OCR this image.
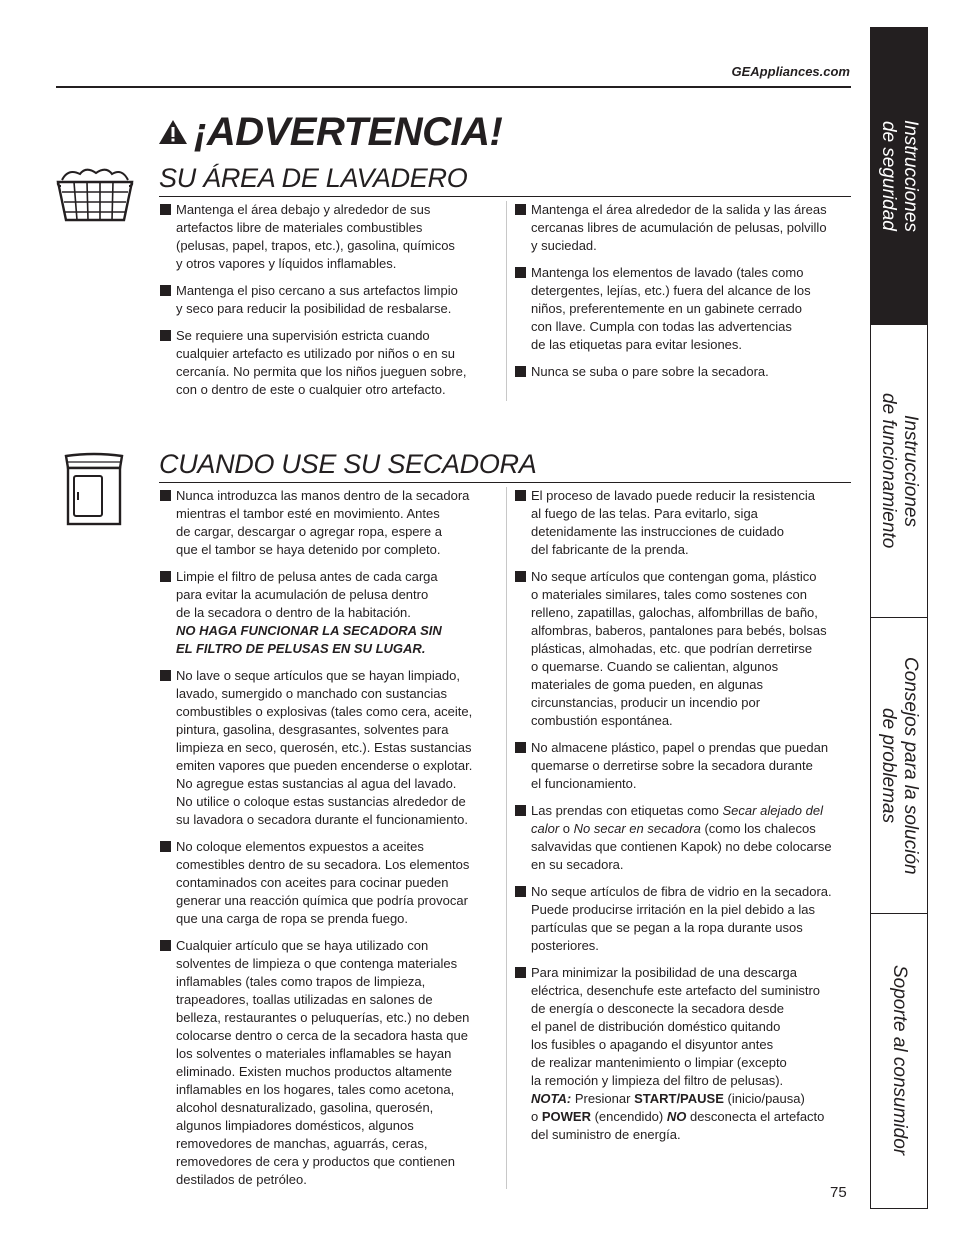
GEAppliances.com
¡ADVERTENCIA!
SU ÁREA DE LAVADERO
Mantenga el área debajo y alrededor de sus
artefactos libre de materiales combustibles
(pelusas, papel, trapos, etc.), gasolina, químicos
y otros vapores y líquidos inflamables.
Mantenga el piso cercano a sus artefactos limpio
y seco para reducir la posibilidad de resbalarse.
Se requiere una supervisión estricta cuando
cualquier artefacto es utilizado por niños o en su
cercanía. No permita que los niños jueguen sobre,
con o dentro de este o cualquier otro artefacto.
Mantenga el área alrededor de la salida y las áreas
cercanas libres de acumulación de pelusas, polvillo
y suciedad.
Mantenga los elementos de lavado (tales como
detergentes, lejías, etc.) fuera del alcance de los
niños, preferentemente en un gabinete cerrado
con llave. Cumpla con todas las advertencias
de las etiquetas para evitar lesiones.
Nunca se suba o pare sobre la secadora.
CUANDO USE SU SECADORA
Nunca introduzca las manos dentro de la secadora
mientras el tambor esté en movimiento. Antes
de cargar, descargar o agregar ropa, espere a
que el tambor se haya detenido por completo.
Limpie el filtro de pelusa antes de cada carga
para evitar la acumulación de pelusa dentro
de la secadora o dentro de la habitación.
NO HAGA FUNCIONAR LA SECADORA SIN
EL FILTRO DE PELUSAS EN SU LUGAR.
No lave o seque artículos que se hayan limpiado,
lavado, sumergido o manchado con sustancias
combustibles o explosivas (tales como cera, aceite,
pintura, gasolina, desgrasantes, solventes para
limpieza en seco, querosén, etc.). Estas sustancias
emiten vapores que pueden encenderse o explotar.
No agregue estas sustancias al agua del lavado.
No utilice o coloque estas sustancias alrededor de
su lavadora o secadora durante el funcionamiento.
No coloque elementos expuestos a aceites
comestibles dentro de su secadora. Los elementos
contaminados con aceites para cocinar pueden
generar una reacción química que podría provocar
que una carga de ropa se prenda fuego.
Cualquier artículo que se haya utilizado con
solventes de limpieza o que contenga materiales
inflamables (tales como trapos de limpieza,
trapeadores, toallas utilizadas en salones de
belleza, restaurantes o peluquerías, etc.) no deben
colocarse dentro o cerca de la secadora hasta que
los solventes o materiales inflamables se hayan
eliminado. Existen muchos productos altamente
inflamables en los hogares, tales como acetona,
alcohol desnaturalizado, gasolina, querosén,
algunos limpiadores domésticos, algunos
removedores de manchas, aguarrás, ceras,
removedores de cera y productos que contienen
destilados de petróleo.
El proceso de lavado puede reducir la resistencia
al fuego de las telas. Para evitarlo, siga
detenidamente las instrucciones de cuidado
del fabricante de la prenda.
No seque artículos que contengan goma, plástico
o materiales similares, tales como sostenes con
relleno, zapatillas, galochas, alfombrillas de baño,
alfombras, baberos, pantalones para bebés, bolsas
plásticas, almohadas, etc. que podrían derretirse
o quemarse. Cuando se calientan, algunos
materiales de goma pueden, en algunas
circunstancias, producir un incendio por
combustión espontánea.
No almacene plástico, papel o prendas que puedan
quemarse o derretirse sobre la secadora durante
el funcionamiento.
Las prendas con etiquetas como Secar alejado del
calor o No secar en secadora (como los chalecos
salvavidas que contienen Kapok) no debe colocarse
en su secadora.
No seque artículos de fibra de vidrio en la secadora.
Puede producirse irritación en la piel debido a las
partículas que se pegan a la ropa durante usos
posteriores.
Para minimizar la posibilidad de una descarga
eléctrica, desenchufe este artefacto del suministro
de energía o desconecte la secadora desde
el panel de distribución doméstico quitando
los fusibles o apagando el disyuntor antes
de realizar mantenimiento o limpiar (excepto
la remoción y limpieza del filtro de pelusas).
NOTA: Presionar START/PAUSE (inicio/pausa)
o POWER (encendido) NO desconecta el artefacto
del suministro de energía.
Instrucciones
de seguridad
Instrucciones
de funcionamiento
Consejos para la solución
de problemas
Soporte al consumidor
75
